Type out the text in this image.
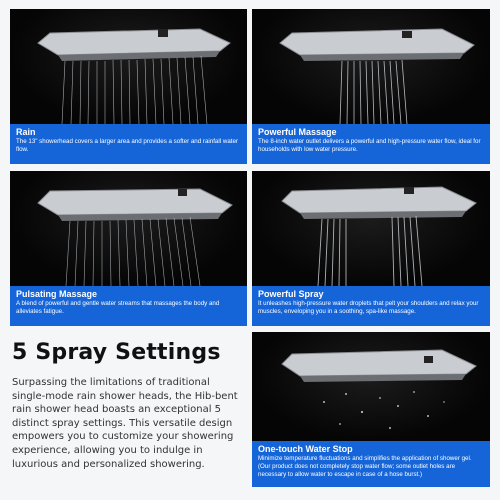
Rain
The 13" showerhead covers a larger area and provides a softer and rainfall water flow.
Powerful Massage
The 8-inch water outlet delivers a powerful and high-pressure water flow, ideal for households with low water pressure.
Pulsating Massage
A blend of powerful and gentle water streams that massages the body and alleviates fatigue.
Powerful Spray
It unleashes high-pressure water droplets that pelt your shoulders and relax your muscles, enveloping you in a soothing, spa-like massage.
5 Spray Settings
Surpassing the limitations of traditional single-mode rain shower heads, the Hib-bent rain shower head boasts an exceptional 5 distinct spray settings. This versatile design empowers you to customize your showering experience, allowing you to indulge in luxurious and personalized showering.
One-touch Water Stop
Minimize temperature fluctuations and simplifies the application of shower gel. (Our product does not completely stop water flow; some outlet holes are necessary to allow water to escape in case of a hose burst.)
